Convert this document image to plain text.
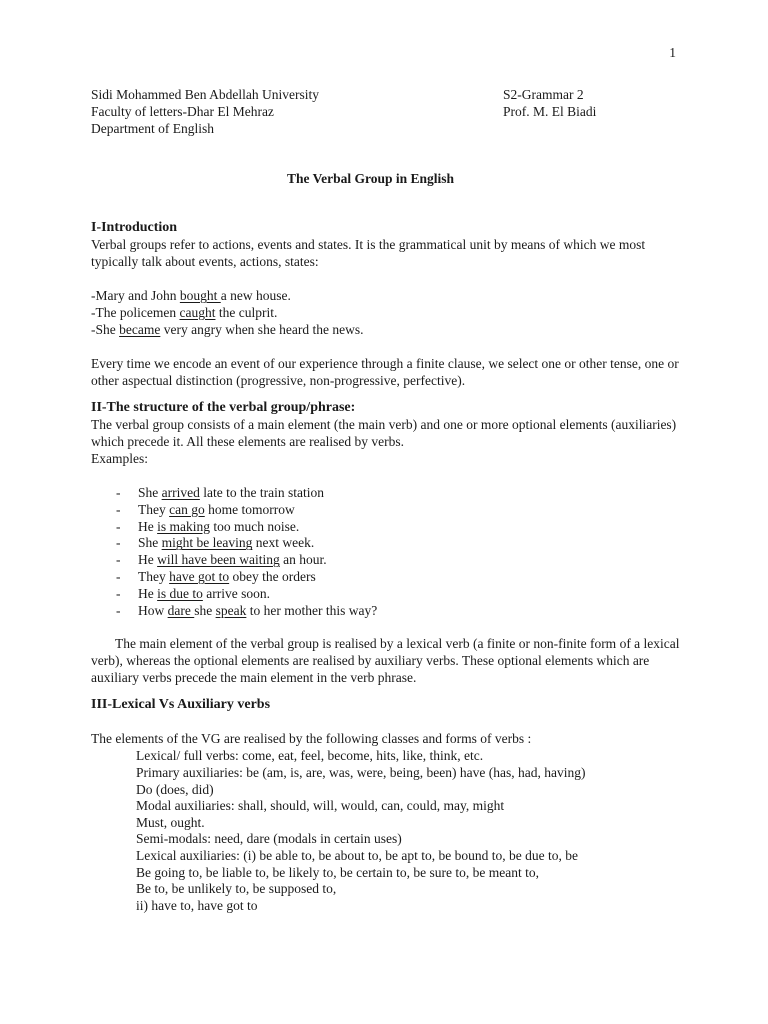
1
Sidi Mohammed Ben Abdellah University	S2-Grammar 2
Faculty of letters-Dhar El Mehraz	Prof. M. El Biadi
Department of English
The Verbal Group in English

I-Introduction

Verbal groups refer to actions, events and states. It is the grammatical unit by means of which we most typically talk about events, actions, states:

-Mary and John bought a new house.

-The policemen caught the culprit.

-She became very angry when she heard the news.

Every time we encode an event of our experience through a finite clause, we select one or other tense, one or other aspectual distinction (progressive, non-progressive, perfective).

II-The structure of the verbal group/phrase:

The verbal group consists of a main element (the main verb) and one or more optional elements (auxiliaries) which precede it. All these elements are realised by verbs.

Examples:

- She arrived late to the train station
- They can go home tomorrow
- He is making too much noise.
- She might be leaving next week.
- He will have been waiting an hour.
- They have got to obey the orders
- He is due to arrive soon.
- How dare she speak to her mother this way?

The main element of the verbal group is realised by a lexical verb (a finite or non-finite form of a lexical verb), whereas the optional elements are realised by auxiliary verbs. These optional elements which are auxiliary verbs precede the main element in the verb phrase.

III-Lexical Vs Auxiliary verbs

The elements of the VG are realised by the following classes and forms of verbs :

Lexical/ full verbs: come, eat, feel, become, hits, like, think, etc.
Primary auxiliaries: be (am, is, are, was, were, being, been) have (has, had, having)
Do (does, did)
Modal auxiliaries: shall, should, will, would, can, could, may, might
Must, ought.
Semi-modals: need, dare (modals in certain uses)
Lexical auxiliaries: (i) be able to, be about to, be apt to, be bound to, be due to, be
Be going to, be liable to, be likely to, be certain to, be sure to, be meant to,
Be to, be unlikely to, be supposed to,
ii) have to, have got to
